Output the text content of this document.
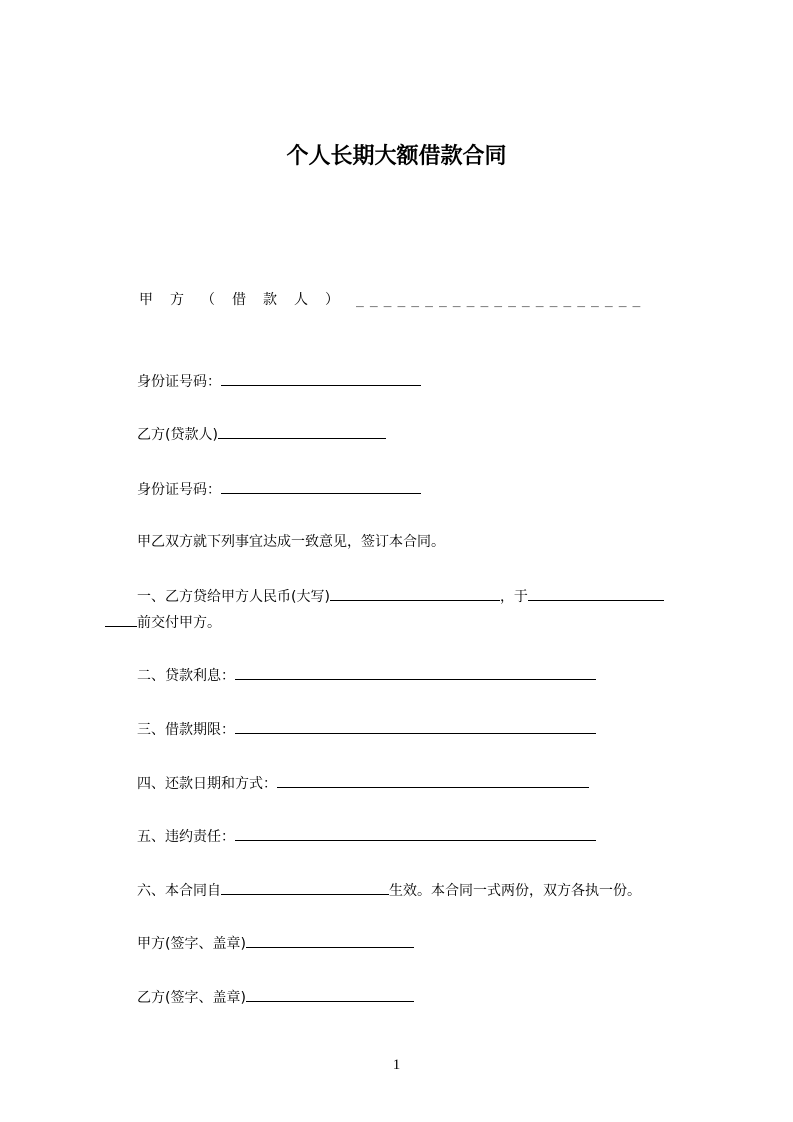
个人长期大额借款合同
甲方（借款人）_____________________
身份证号码：
乙方(贷款人)
身份证号码：
甲乙双方就下列事宜达成一致意见，签订本合同。
一、乙方贷给甲方人民币(大写)	，于
前交付甲方。
二、贷款利息：
三、借款期限：
四、还款日期和方式：
五、违约责任：
六、本合同自	生效。本合同一式两份，双方各执一份。
甲方(签字、盖章)
乙方(签字、盖章)
1
